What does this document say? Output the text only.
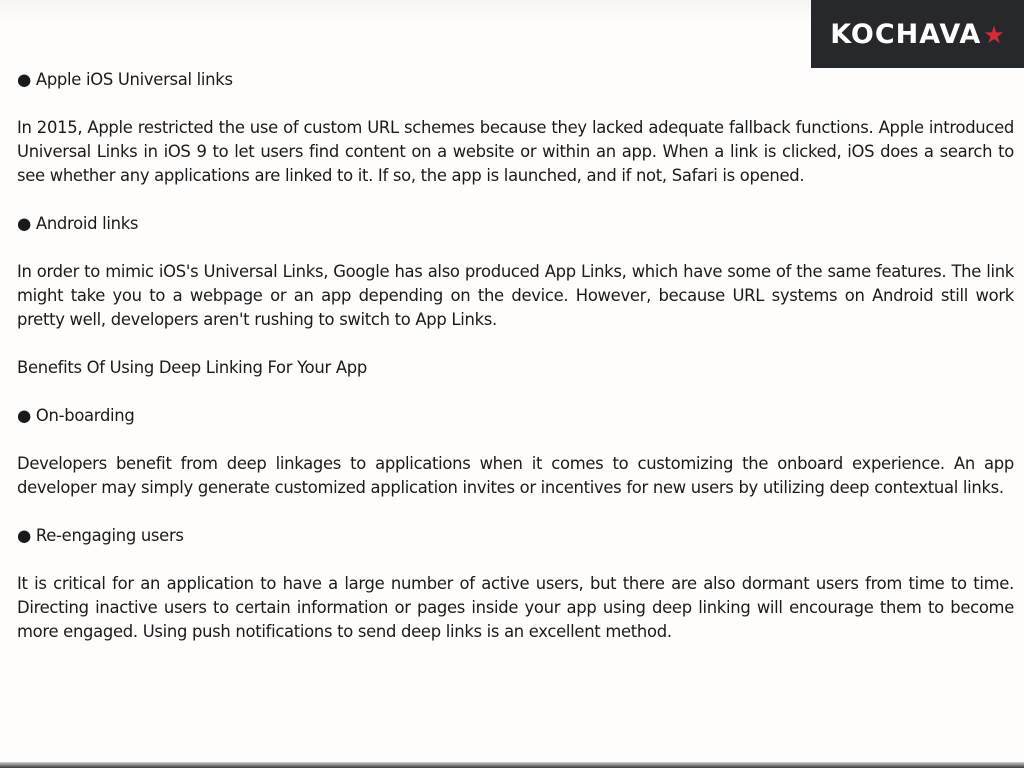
KOCHAVA ★

● Apple iOS Universal links

In 2015, Apple restricted the use of custom URL schemes because they lacked adequate fallback functions. Apple introduced Universal Links in iOS 9 to let users find content on a website or within an app. When a link is clicked, iOS does a search to see whether any applications are linked to it. If so, the app is launched, and if not, Safari is opened.

● Android links

In order to mimic iOS's Universal Links, Google has also produced App Links, which have some of the same features. The link might take you to a webpage or an app depending on the device. However, because URL systems on Android still work pretty well, developers aren't rushing to switch to App Links.

Benefits Of Using Deep Linking For Your App

● On-boarding

Developers benefit from deep linkages to applications when it comes to customizing the onboard experience. An app developer may simply generate customized application invites or incentives for new users by utilizing deep contextual links.

● Re-engaging users

It is critical for an application to have a large number of active users, but there are also dormant users from time to time. Directing inactive users to certain information or pages inside your app using deep linking will encourage them to become more engaged. Using push notifications to send deep links is an excellent method.
